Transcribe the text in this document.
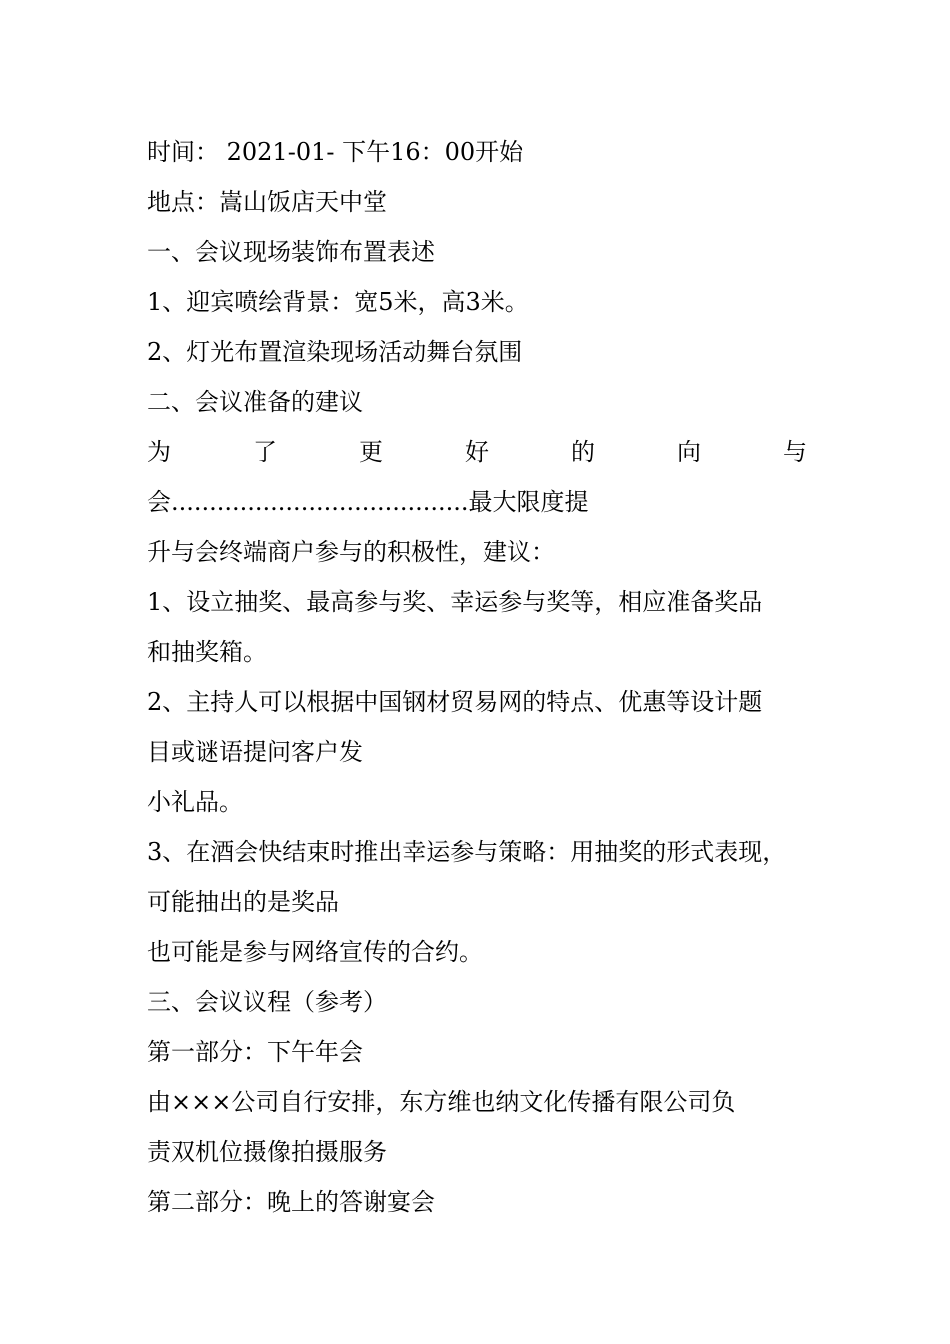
时间： 2021-01- 下午16：00开始
地点：嵩山饭店天中堂
一、会议现场装饰布置表述
1、迎宾喷绘背景：宽5米，高3米。
2、灯光布置渲染现场活动舞台氛围
二、会议准备的建议
为	了	更	好	的	向	与
会.......................................最大限度提
升与会终端商户参与的积极性，建议：
1、设立抽奖、最高参与奖、幸运参与奖等，相应准备奖品
和抽奖箱。
2、主持人可以根据中国钢材贸易网的特点、优惠等设计题
目或谜语提问客户发
小礼品。
3、在酒会快结束时推出幸运参与策略：用抽奖的形式表现，
可能抽出的是奖品
也可能是参与网络宣传的合约。
三、会议议程（参考）
第一部分：下午年会
由×××公司自行安排，东方维也纳文化传播有限公司负
责双机位摄像拍摄服务
第二部分：晚上的答谢宴会
